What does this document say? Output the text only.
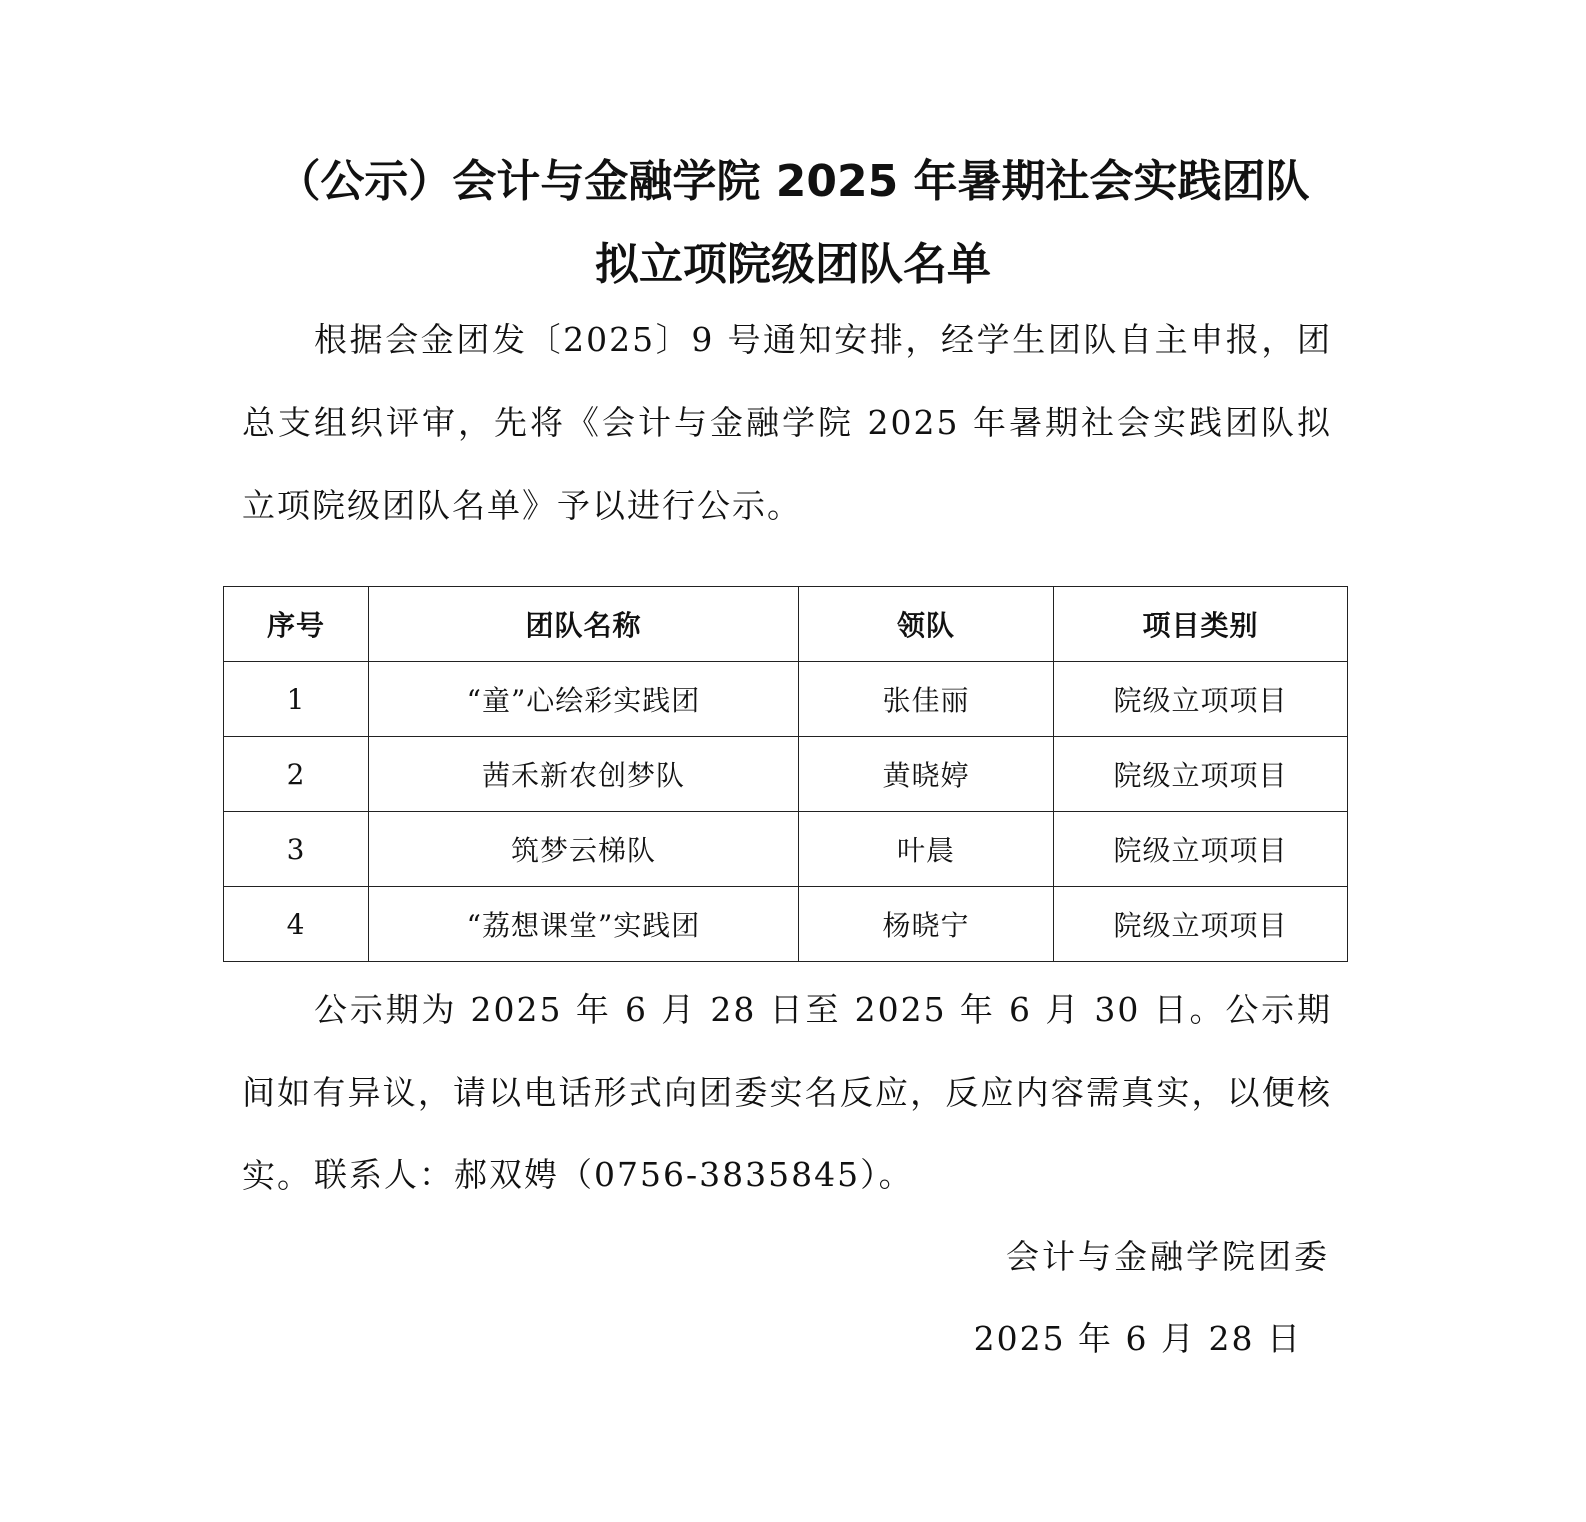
（公示）会计与金融学院 2025 年暑期社会实践团队
拟立项院级团队名单
根据会金团发〔2025〕9 号通知安排，经学生团队自主申报，团总支组织评审，先将《会计与金融学院 2025 年暑期社会实践团队拟立项院级团队名单》予以进行公示。
序号	团队名称	领队	项目类别
1	“童”心绘彩实践团	张佳丽	院级立项项目
2	茜禾新农创梦队	黄晓婷	院级立项项目
3	筑梦云梯队	叶晨	院级立项项目
4	“荔想课堂”实践团	杨晓宁	院级立项项目
公示期为 2025 年 6 月 28 日至 2025 年 6 月 30 日。公示期间如有异议，请以电话形式向团委实名反应，反应内容需真实，以便核实。 联系人：郝双娉（0756-3835845）。
会计与金融学院团委
2025 年 6 月 28 日
